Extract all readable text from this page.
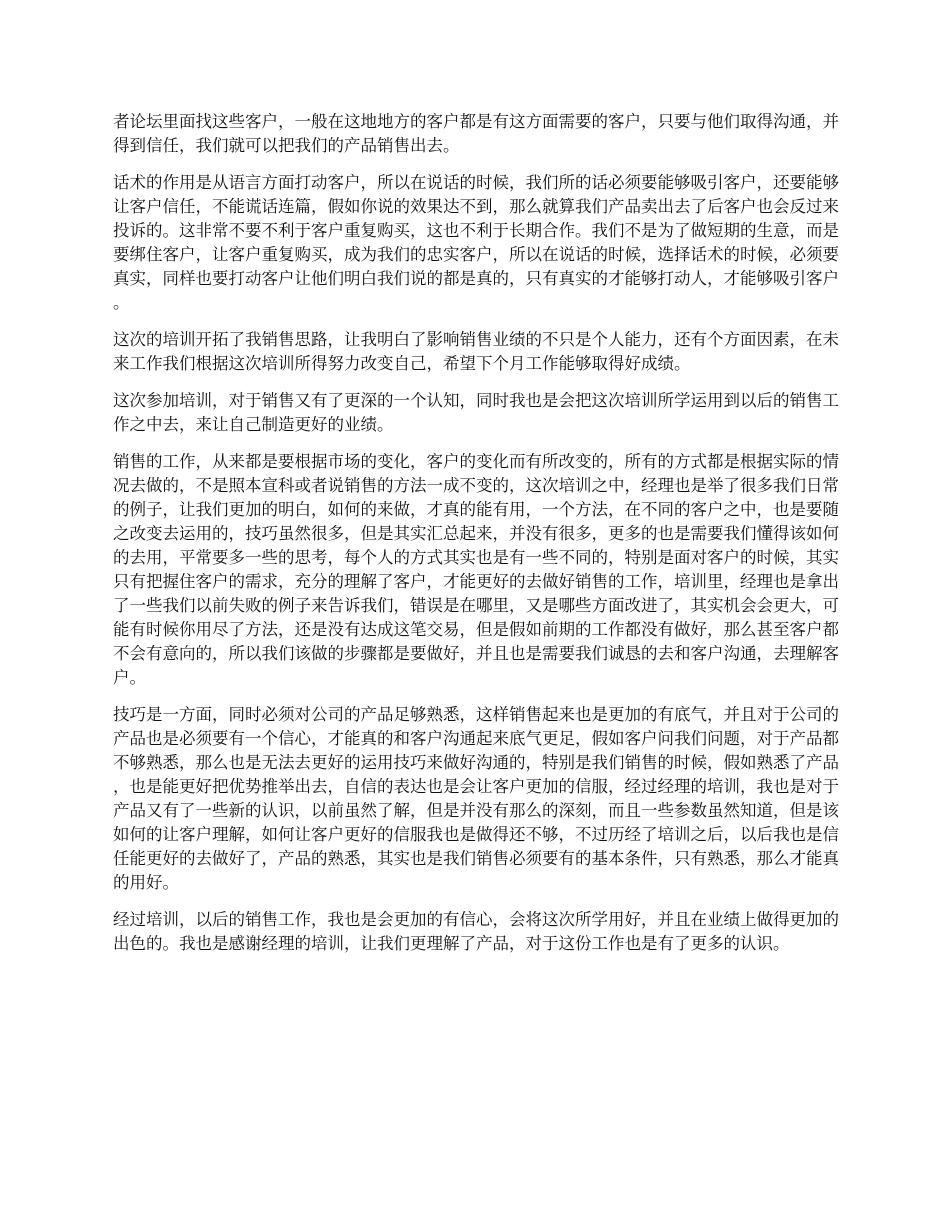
者论坛里面找这些客户，一般在这地地方的客户都是有这方面需要的客户，只要与他们取得沟通，并得到信任，我们就可以把我们的产品销售出去。

话术的作用是从语言方面打动客户，所以在说话的时候，我们所的话必须要能够吸引客户，还要能够让客户信任，不能谎话连篇，假如你说的效果达不到，那么就算我们产品卖出去了后客户也会反过来投诉的。这非常不要不利于客户重复购买，这也不利于长期合作。我们不是为了做短期的生意，而是要绑住客户，让客户重复购买，成为我们的忠实客户，所以在说话的时候，选择话术的时候，必须要真实，同样也要打动客户让他们明白我们说的都是真的，只有真实的才能够打动人，才能够吸引客户。

这次的培训开拓了我销售思路，让我明白了影响销售业绩的不只是个人能力，还有个方面因素，在未来工作我们根据这次培训所得努力改变自己，希望下个月工作能够取得好成绩。

这次参加培训，对于销售又有了更深的一个认知，同时我也是会把这次培训所学运用到以后的销售工作之中去，来让自己制造更好的业绩。

销售的工作，从来都是要根据市场的变化，客户的变化而有所改变的，所有的方式都是根据实际的情况去做的，不是照本宣科或者说销售的方法一成不变的，这次培训之中，经理也是举了很多我们日常的例子，让我们更加的明白，如何的来做，才真的能有用，一个方法，在不同的客户之中，也是要随之改变去运用的，技巧虽然很多，但是其实汇总起来，并没有很多，更多的也是需要我们懂得该如何的去用，平常要多一些的思考，每个人的方式其实也是有一些不同的，特别是面对客户的时候，其实只有把握住客户的需求，充分的理解了客户，才能更好的去做好销售的工作，培训里，经理也是拿出了一些我们以前失败的例子来告诉我们，错误是在哪里，又是哪些方面改进了，其实机会会更大，可能有时候你用尽了方法，还是没有达成这笔交易，但是假如前期的工作都没有做好，那么甚至客户都不会有意向的，所以我们该做的步骤都是要做好，并且也是需要我们诚恳的去和客户沟通，去理解客户。

技巧是一方面，同时必须对公司的产品足够熟悉，这样销售起来也是更加的有底气，并且对于公司的产品也是必须要有一个信心，才能真的和客户沟通起来底气更足，假如客户问我们问题，对于产品都不够熟悉，那么也是无法去更好的运用技巧来做好沟通的，特别是我们销售的时候，假如熟悉了产品，也是能更好把优势推举出去，自信的表达也是会让客户更加的信服，经过经理的培训，我也是对于产品又有了一些新的认识，以前虽然了解，但是并没有那么的深刻，而且一些参数虽然知道，但是该如何的让客户理解，如何让客户更好的信服我也是做得还不够，不过历经了培训之后，以后我也是信任能更好的去做好了，产品的熟悉，其实也是我们销售必须要有的基本条件，只有熟悉，那么才能真的用好。

经过培训，以后的销售工作，我也是会更加的有信心，会将这次所学用好，并且在业绩上做得更加的出色的。我也是感谢经理的培训，让我们更理解了产品，对于这份工作也是有了更多的认识。
